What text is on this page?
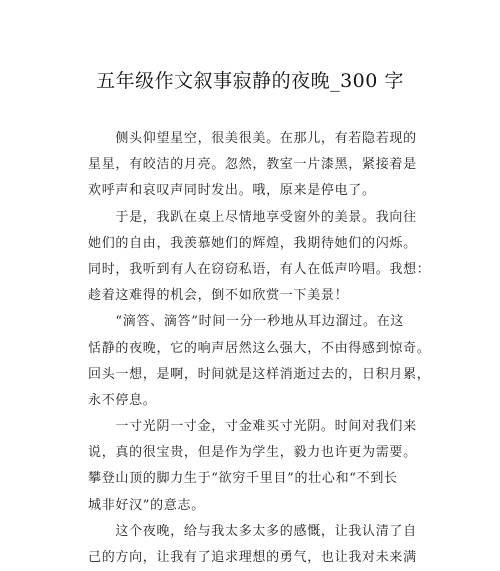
五年级作文叙事寂静的夜晚_300 字
　　侧头仰望星空，很美很美。在那儿，有若隐若现的
星星，有皎洁的月亮。忽然，教室一片漆黑，紧接着是
欢呼声和哀叹声同时发出。哦，原来是停电了。
　　于是，我趴在桌上尽情地享受窗外的美景。我向往
她们的自由，我羡慕她们的辉煌，我期待她们的闪烁。
同时，我听到有人在窃窃私语，有人在低声吟唱。我想：
趁着这难得的机会，倒不如欣赏一下美景！
　　“滴答、滴答”时间一分一秒地从耳边溜过。在这
恬静的夜晚，它的响声居然这么强大，不由得感到惊奇。
回头一想，是啊，时间就是这样消逝过去的，日积月累，
永不停息。
　　一寸光阴一寸金，寸金难买寸光阴。时间对我们来
说，真的很宝贵，但是作为学生，毅力也许更为需要。
攀登山顶的脚力生于“欲穷千里目”的壮心和“不到长
城非好汉”的意志。
　　这个夜晚，给与我太多太多的感慨，让我认清了自
己的方向，让我有了追求理想的勇气，也让我对未来满
